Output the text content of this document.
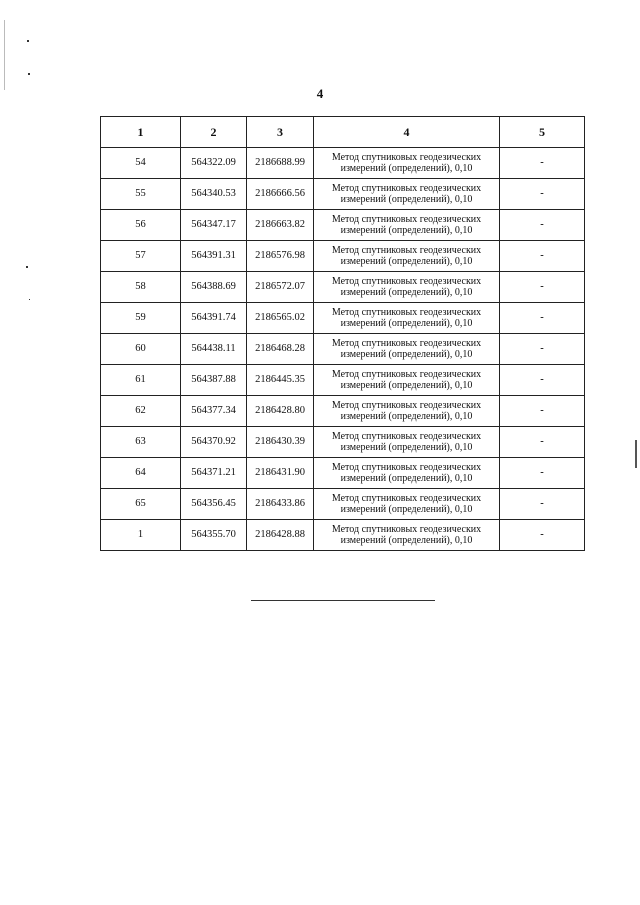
4
1	2	3	4	5
54	564322.09	2186688.99	Метод спутниковых геодезических
измерений (определений), 0,10	-
55	564340.53	2186666.56	Метод спутниковых геодезических
измерений (определений), 0,10	-
56	564347.17	2186663.82	Метод спутниковых геодезических
измерений (определений), 0,10	-
57	564391.31	2186576.98	Метод спутниковых геодезических
измерений (определений), 0,10	-
58	564388.69	2186572.07	Метод спутниковых геодезических
измерений (определений), 0,10	-
59	564391.74	2186565.02	Метод спутниковых геодезических
измерений (определений), 0,10	-
60	564438.11	2186468.28	Метод спутниковых геодезических
измерений (определений), 0,10	-
61	564387.88	2186445.35	Метод спутниковых геодезических
измерений (определений), 0,10	-
62	564377.34	2186428.80	Метод спутниковых геодезических
измерений (определений), 0,10	-
63	564370.92	2186430.39	Метод спутниковых геодезических
измерений (определений), 0,10	-
64	564371.21	2186431.90	Метод спутниковых геодезических
измерений (определений), 0,10	-
65	564356.45	2186433.86	Метод спутниковых геодезических
измерений (определений), 0,10	-
1	564355.70	2186428.88	Метод спутниковых геодезических
измерений (определений), 0,10	-
